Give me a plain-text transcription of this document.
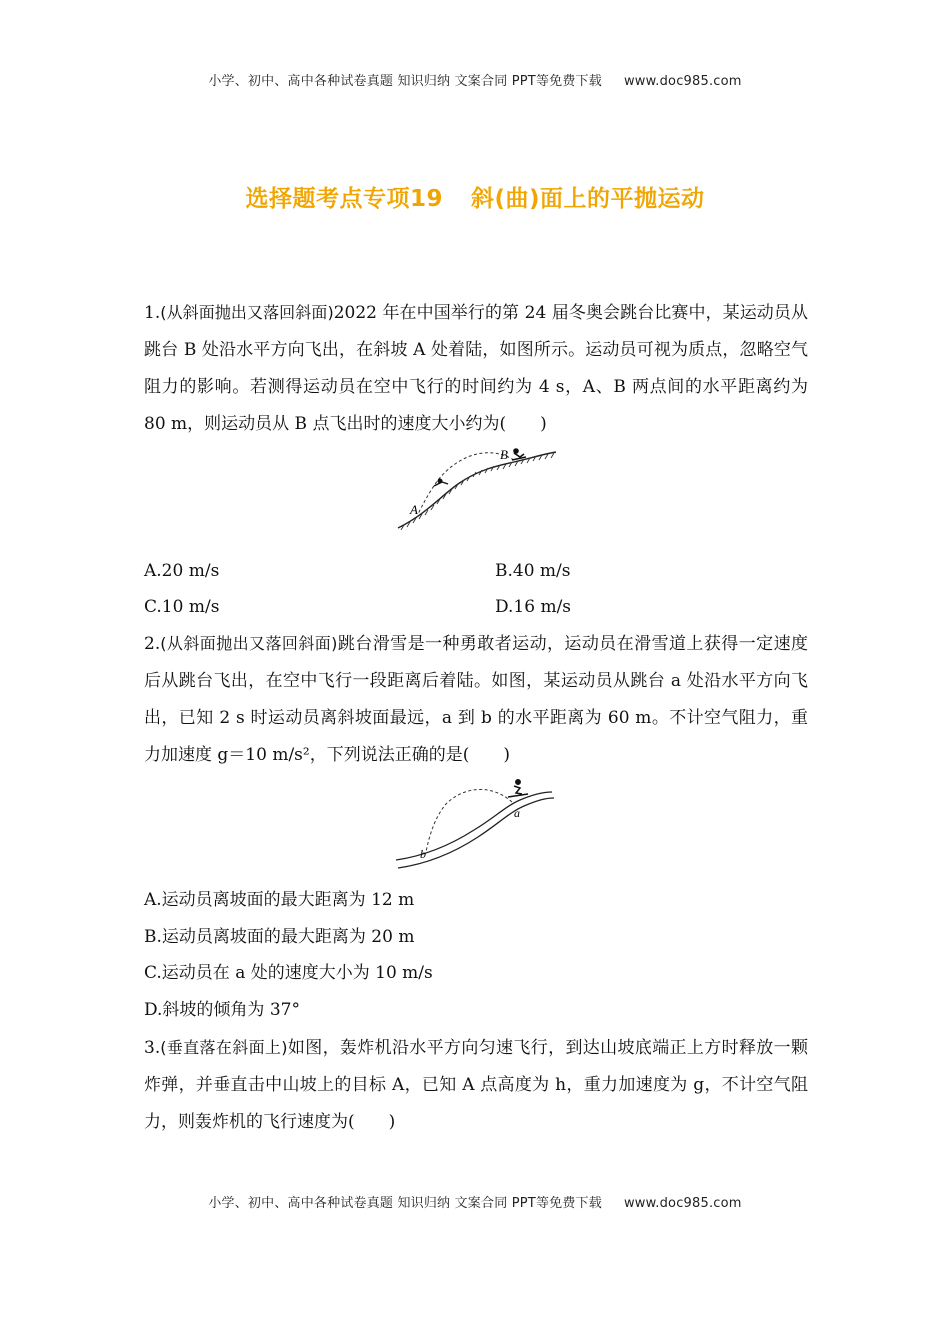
小学、初中、高中各种试卷真题 知识归纳 文案合同 PPT等免费下载 www.doc985.com
选择题考点专项19 斜(曲)面上的平抛运动

1.(从斜面抛出又落回斜面)2022 年在中国举行的第 24 届冬奥会跳台比赛中，某运动员从跳台 B 处沿水平方向飞出，在斜坡 A 处着陆，如图所示。运动员可视为质点，忽略空气阻力的影响。若测得运动员在空中飞行的时间约为 4 s，A、B 两点间的水平距离约为 80 m，则运动员从 B 点飞出时的速度大小约为(　　)

B
A
A.20 m/s	B.40 m/s
C.10 m/s	D.16 m/s

2.(从斜面抛出又落回斜面)跳台滑雪是一种勇敢者运动，运动员在滑雪道上获得一定速度后从跳台飞出，在空中飞行一段距离后着陆。如图，某运动员从跳台 a 处沿水平方向飞出，已知 2 s 时运动员离斜坡面最远，a 到 b 的水平距离为 60 m。不计空气阻力，重力加速度 g＝10 m/s²，下列说法正确的是(　　)

a
b
A.运动员离坡面的最大距离为 12 m
B.运动员离坡面的最大距离为 20 m
C.运动员在 a 处的速度大小为 10 m/s
D.斜坡的倾角为 37°

3.(垂直落在斜面上)如图，轰炸机沿水平方向匀速飞行，到达山坡底端正上方时释放一颗炸弹，并垂直击中山坡上的目标 A，已知 A 点高度为 h，重力加速度为 g，不计空气阻力，则轰炸机的飞行速度为(　　)

小学、初中、高中各种试卷真题 知识归纳 文案合同 PPT等免费下载 www.doc985.com
